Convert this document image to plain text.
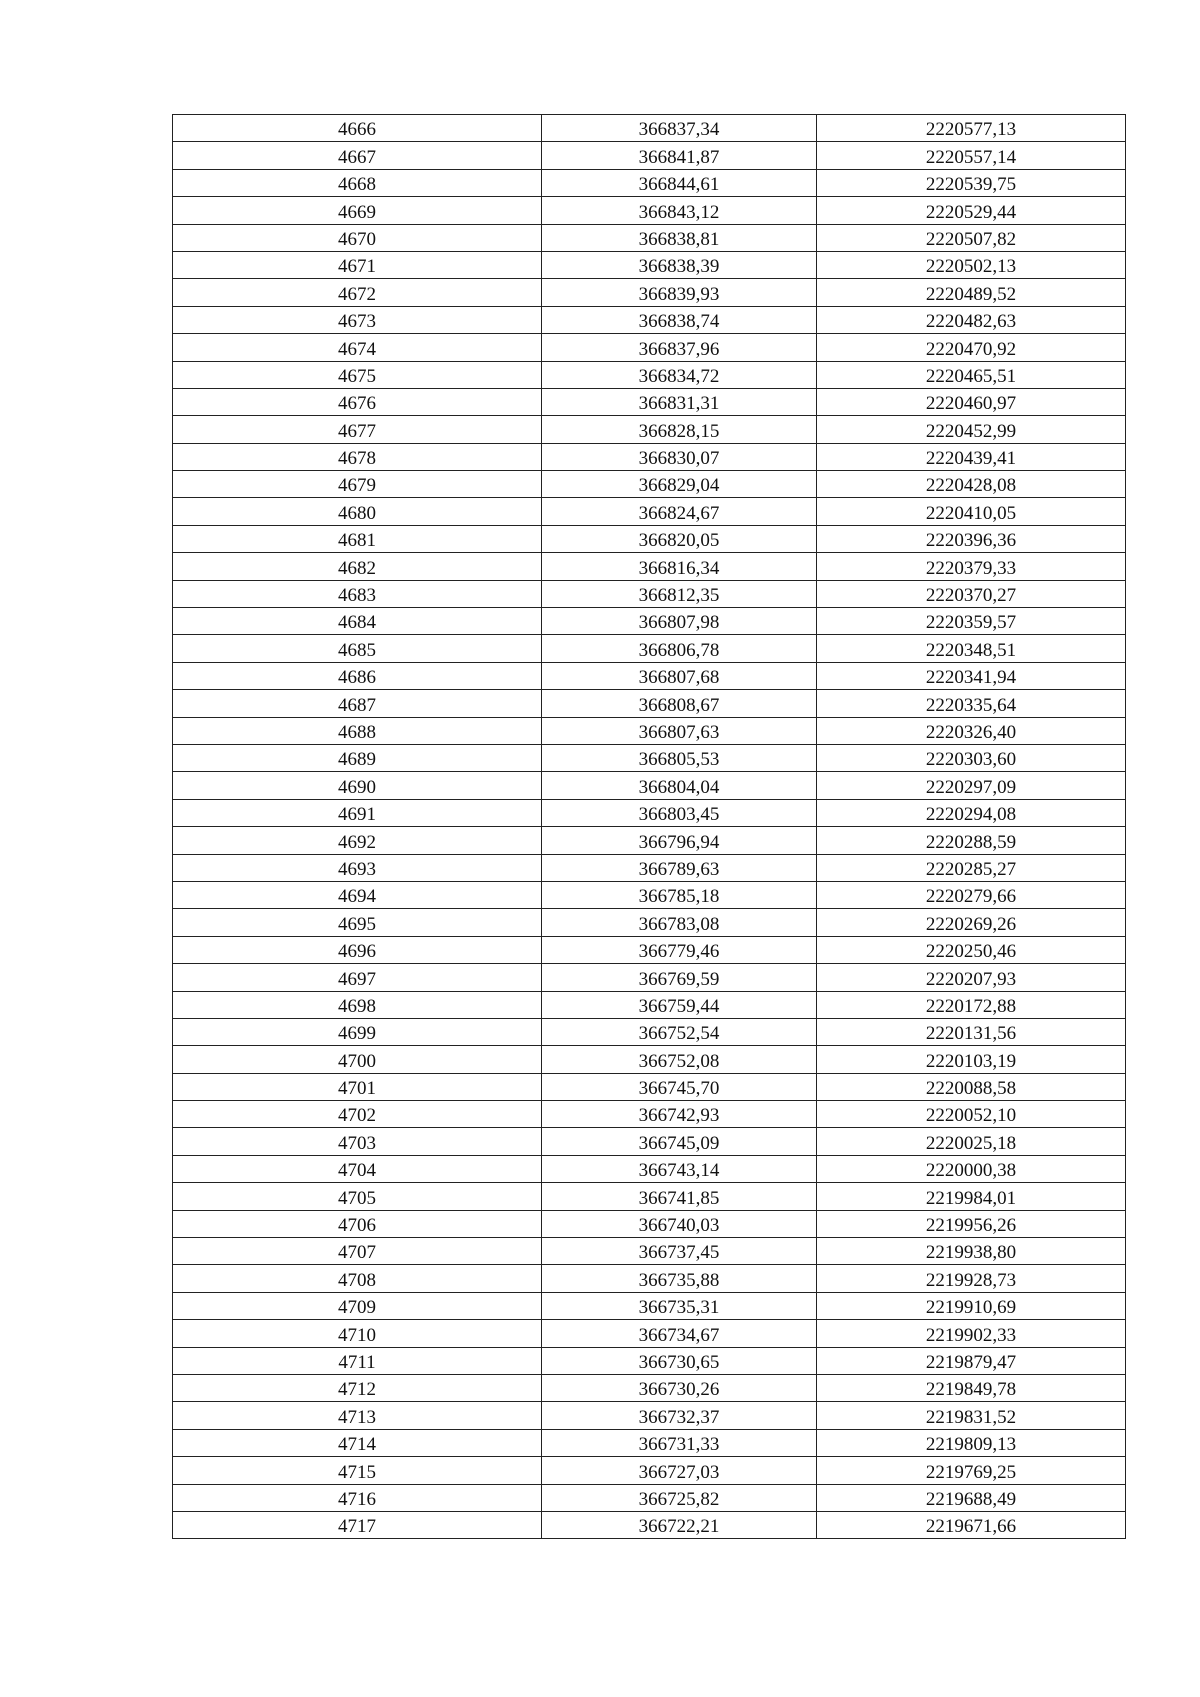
4666	366837,34	2220577,13
4667	366841,87	2220557,14
4668	366844,61	2220539,75
4669	366843,12	2220529,44
4670	366838,81	2220507,82
4671	366838,39	2220502,13
4672	366839,93	2220489,52
4673	366838,74	2220482,63
4674	366837,96	2220470,92
4675	366834,72	2220465,51
4676	366831,31	2220460,97
4677	366828,15	2220452,99
4678	366830,07	2220439,41
4679	366829,04	2220428,08
4680	366824,67	2220410,05
4681	366820,05	2220396,36
4682	366816,34	2220379,33
4683	366812,35	2220370,27
4684	366807,98	2220359,57
4685	366806,78	2220348,51
4686	366807,68	2220341,94
4687	366808,67	2220335,64
4688	366807,63	2220326,40
4689	366805,53	2220303,60
4690	366804,04	2220297,09
4691	366803,45	2220294,08
4692	366796,94	2220288,59
4693	366789,63	2220285,27
4694	366785,18	2220279,66
4695	366783,08	2220269,26
4696	366779,46	2220250,46
4697	366769,59	2220207,93
4698	366759,44	2220172,88
4699	366752,54	2220131,56
4700	366752,08	2220103,19
4701	366745,70	2220088,58
4702	366742,93	2220052,10
4703	366745,09	2220025,18
4704	366743,14	2220000,38
4705	366741,85	2219984,01
4706	366740,03	2219956,26
4707	366737,45	2219938,80
4708	366735,88	2219928,73
4709	366735,31	2219910,69
4710	366734,67	2219902,33
4711	366730,65	2219879,47
4712	366730,26	2219849,78
4713	366732,37	2219831,52
4714	366731,33	2219809,13
4715	366727,03	2219769,25
4716	366725,82	2219688,49
4717	366722,21	2219671,66
